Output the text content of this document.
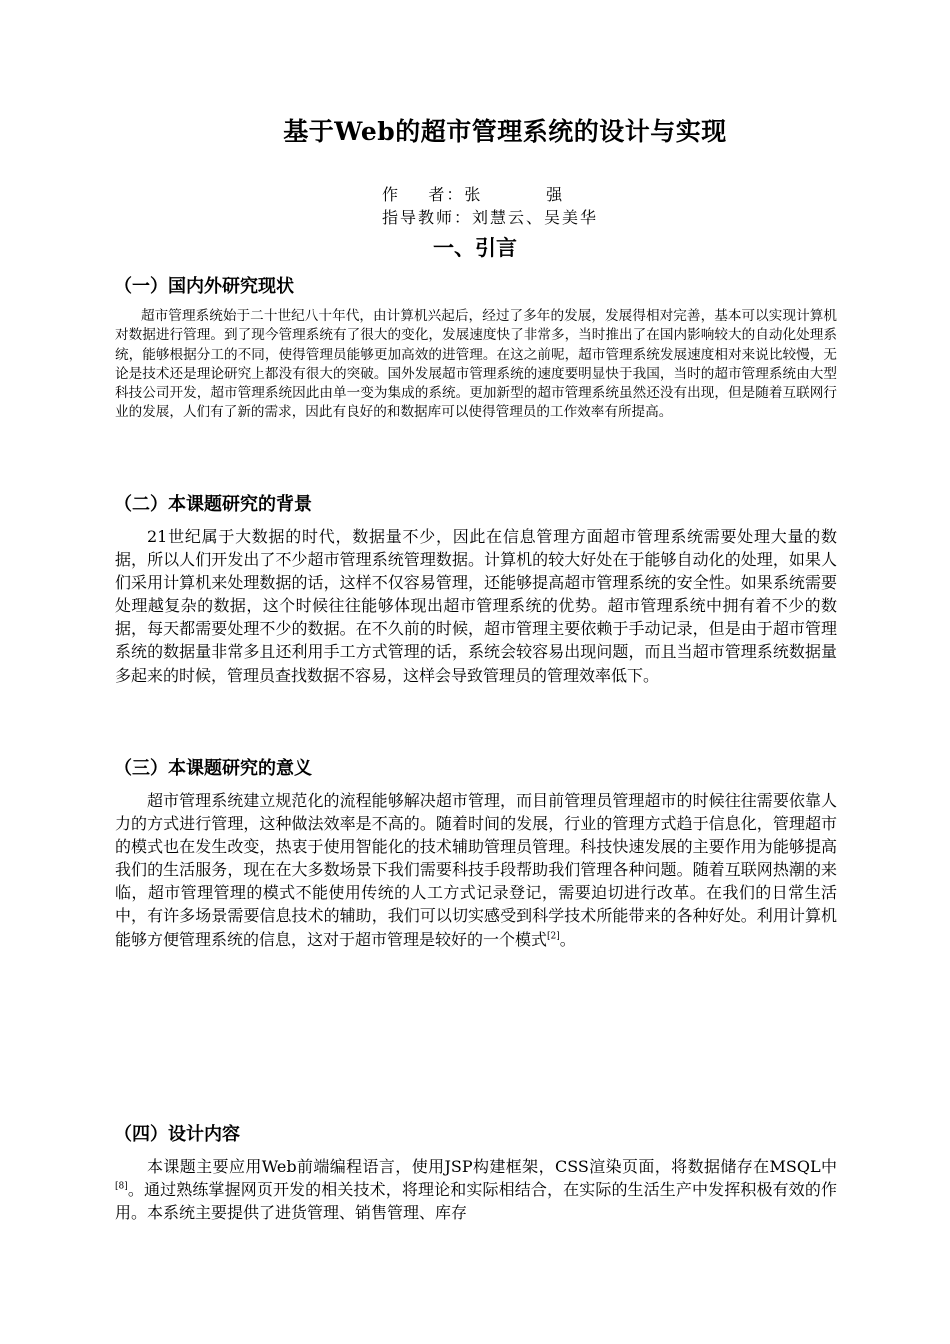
基于Web的超市管理系统的设计与实现
作    者：张         强
指导教师：刘慧云、吴美华
一、引言
（一）国内外研究现状
超市管理系统始于二十世纪八十年代，由计算机兴起后，经过了多年的发展，发展得相对完善，基本可以实现计算机对数据进行管理。到了现今管理系统有了很大的变化，发展速度快了非常多，当时推出了在国内影响较大的自动化处理系统，能够根据分工的不同，使得管理员能够更加高效的进管理。在这之前呢，超市管理系统发展速度相对来说比较慢，无论是技术还是理论研究上都没有很大的突破。国外发展超市管理系统的速度要明显快于我国，当时的超市管理系统由大型科技公司开发，超市管理系统因此由单一变为集成的系统。更加新型的超市管理系统虽然还没有出现，但是随着互联网行业的发展，人们有了新的需求，因此有良好的和数据库可以使得管理员的工作效率有所提高。
（二）本课题研究的背景
21世纪属于大数据的时代，数据量不少，因此在信息管理方面超市管理系统需要处理大量的数据，所以人们开发出了不少超市管理系统管理数据。计算机的较大好处在于能够自动化的处理，如果人们采用计算机来处理数据的话，这样不仅容易管理，还能够提高超市管理系统的安全性。如果系统需要处理越复杂的数据，这个时候往往能够体现出超市管理系统的优势。超市管理系统中拥有着不少的数据，每天都需要处理不少的数据。在不久前的时候，超市管理主要依赖于手动记录，但是由于超市管理系统的数据量非常多且还利用手工方式管理的话，系统会较容易出现问题，而且当超市管理系统数据量多起来的时候，管理员查找数据不容易，这样会导致管理员的管理效率低下。
（三）本课题研究的意义
超市管理系统建立规范化的流程能够解决超市管理，而目前管理员管理超市的时候往往需要依靠人力的方式进行管理，这种做法效率是不高的。随着时间的发展，行业的管理方式趋于信息化，管理超市的模式也在发生改变，热衷于使用智能化的技术辅助管理员管理。科技快速发展的主要作用为能够提高我们的生活服务，现在在大多数场景下我们需要科技手段帮助我们管理各种问题。随着互联网热潮的来临，超市管理管理的模式不能使用传统的人工方式记录登记，需要迫切进行改革。在我们的日常生活中，有许多场景需要信息技术的辅助，我们可以切实感受到科学技术所能带来的各种好处。利用计算机能够方便管理系统的信息，这对于超市管理是较好的一个模式[2]。
（四）设计内容
本课题主要应用Web前端编程语言，使用JSP构建框架，CSS渲染页面，将数据储存在MSQL中[8]。通过熟练掌握网页开发的相关技术，将理论和实际相结合，在实际的生活生产中发挥积极有效的作用。本系统主要提供了进货管理、销售管理、库存
